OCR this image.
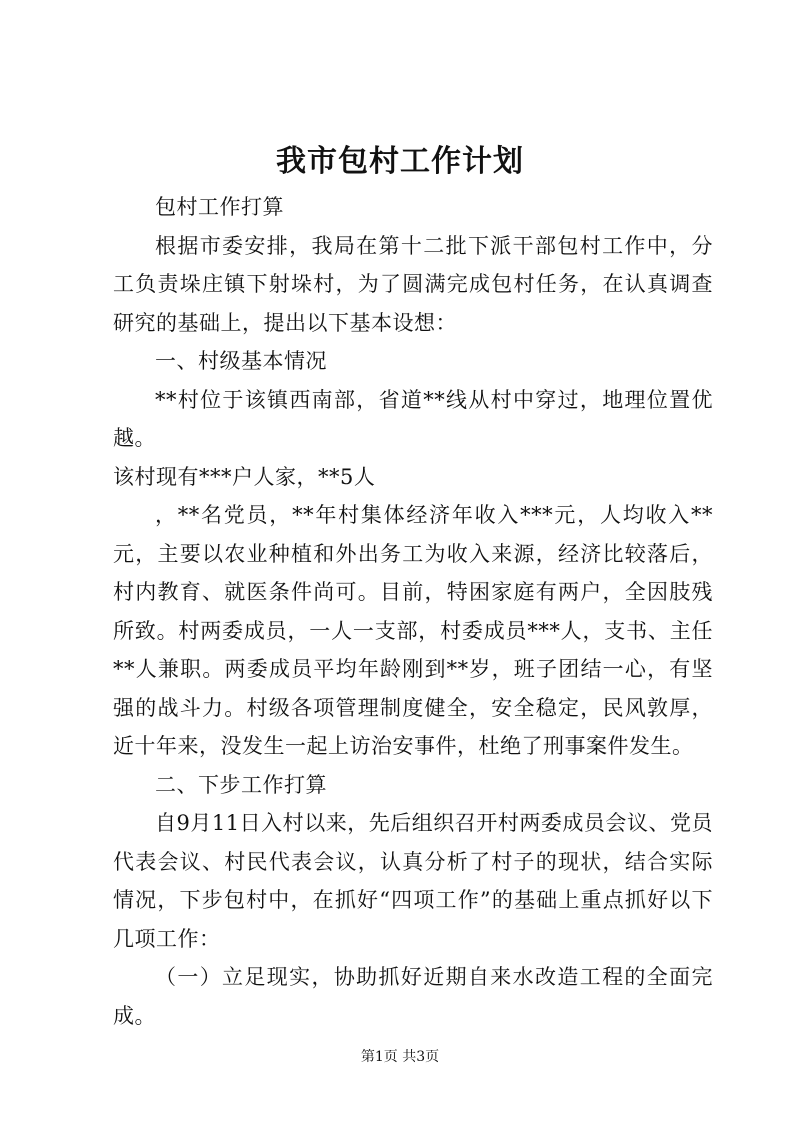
我市包村工作计划

包村工作打算

根据市委安排，我局在第十二批下派干部包村工作中，分工负责垛庄镇下射垛村，为了圆满完成包村任务，在认真调查研究的基础上，提出以下基本设想：

一、村级基本情况

**村位于该镇西南部，省道**线从村中穿过，地理位置优越。

该村现有***户人家，**5人

，**名党员，**年村集体经济年收入***元，人均收入**元，主要以农业种植和外出务工为收入来源，经济比较落后，村内教育、就医条件尚可。目前，特困家庭有两户，全因肢残所致。村两委成员，一人一支部，村委成员***人，支书、主任**人兼职。两委成员平均年龄刚到**岁，班子团结一心，有坚强的战斗力。村级各项管理制度健全，安全稳定，民风敦厚，近十年来，没发生一起上访治安事件，杜绝了刑事案件发生。

二、下步工作打算

自9月11日入村以来，先后组织召开村两委成员会议、党员代表会议、村民代表会议，认真分析了村子的现状，结合实际情况，下步包村中，在抓好“四项工作”的基础上重点抓好以下几项工作：

（一）立足现实，协助抓好近期自来水改造工程的全面完成。

第1页 共3页
